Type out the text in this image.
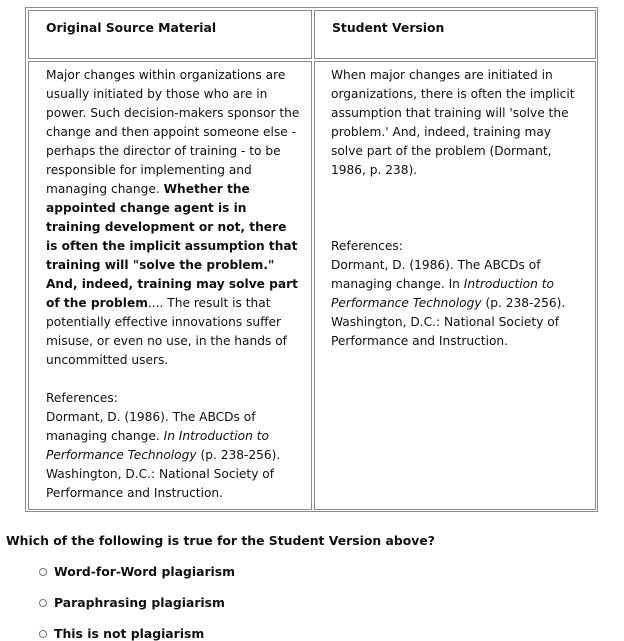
Original Source Material	Student Version

Major changes within organizations are usually initiated by those who are in power. Such decision-makers sponsor the change and then appoint someone else - perhaps the director of training - to be responsible for implementing and managing change. Whether the appointed change agent is in training development or not, there is often the implicit assumption that training will "solve the problem." And, indeed, training may solve part of the problem.... The result is that potentially effective innovations suffer misuse, or even no use, in the hands of uncommitted users.

References:
Dormant, D. (1986). The ABCDs of managing change. In Introduction to Performance Technology (p. 238-256). Washington, D.C.: National Society of Performance and Instruction.

When major changes are initiated in organizations, there is often the implicit assumption that training will 'solve the problem.' And, indeed, training may solve part of the problem (Dormant, 1986, p. 238).

References:
Dormant, D. (1986). The ABCDs of managing change. In Introduction to Performance Technology (p. 238-256). Washington, D.C.: National Society of Performance and Instruction.

Which of the following is true for the Student Version above?
Word-for-Word plagiarism
Paraphrasing plagiarism
This is not plagiarism
